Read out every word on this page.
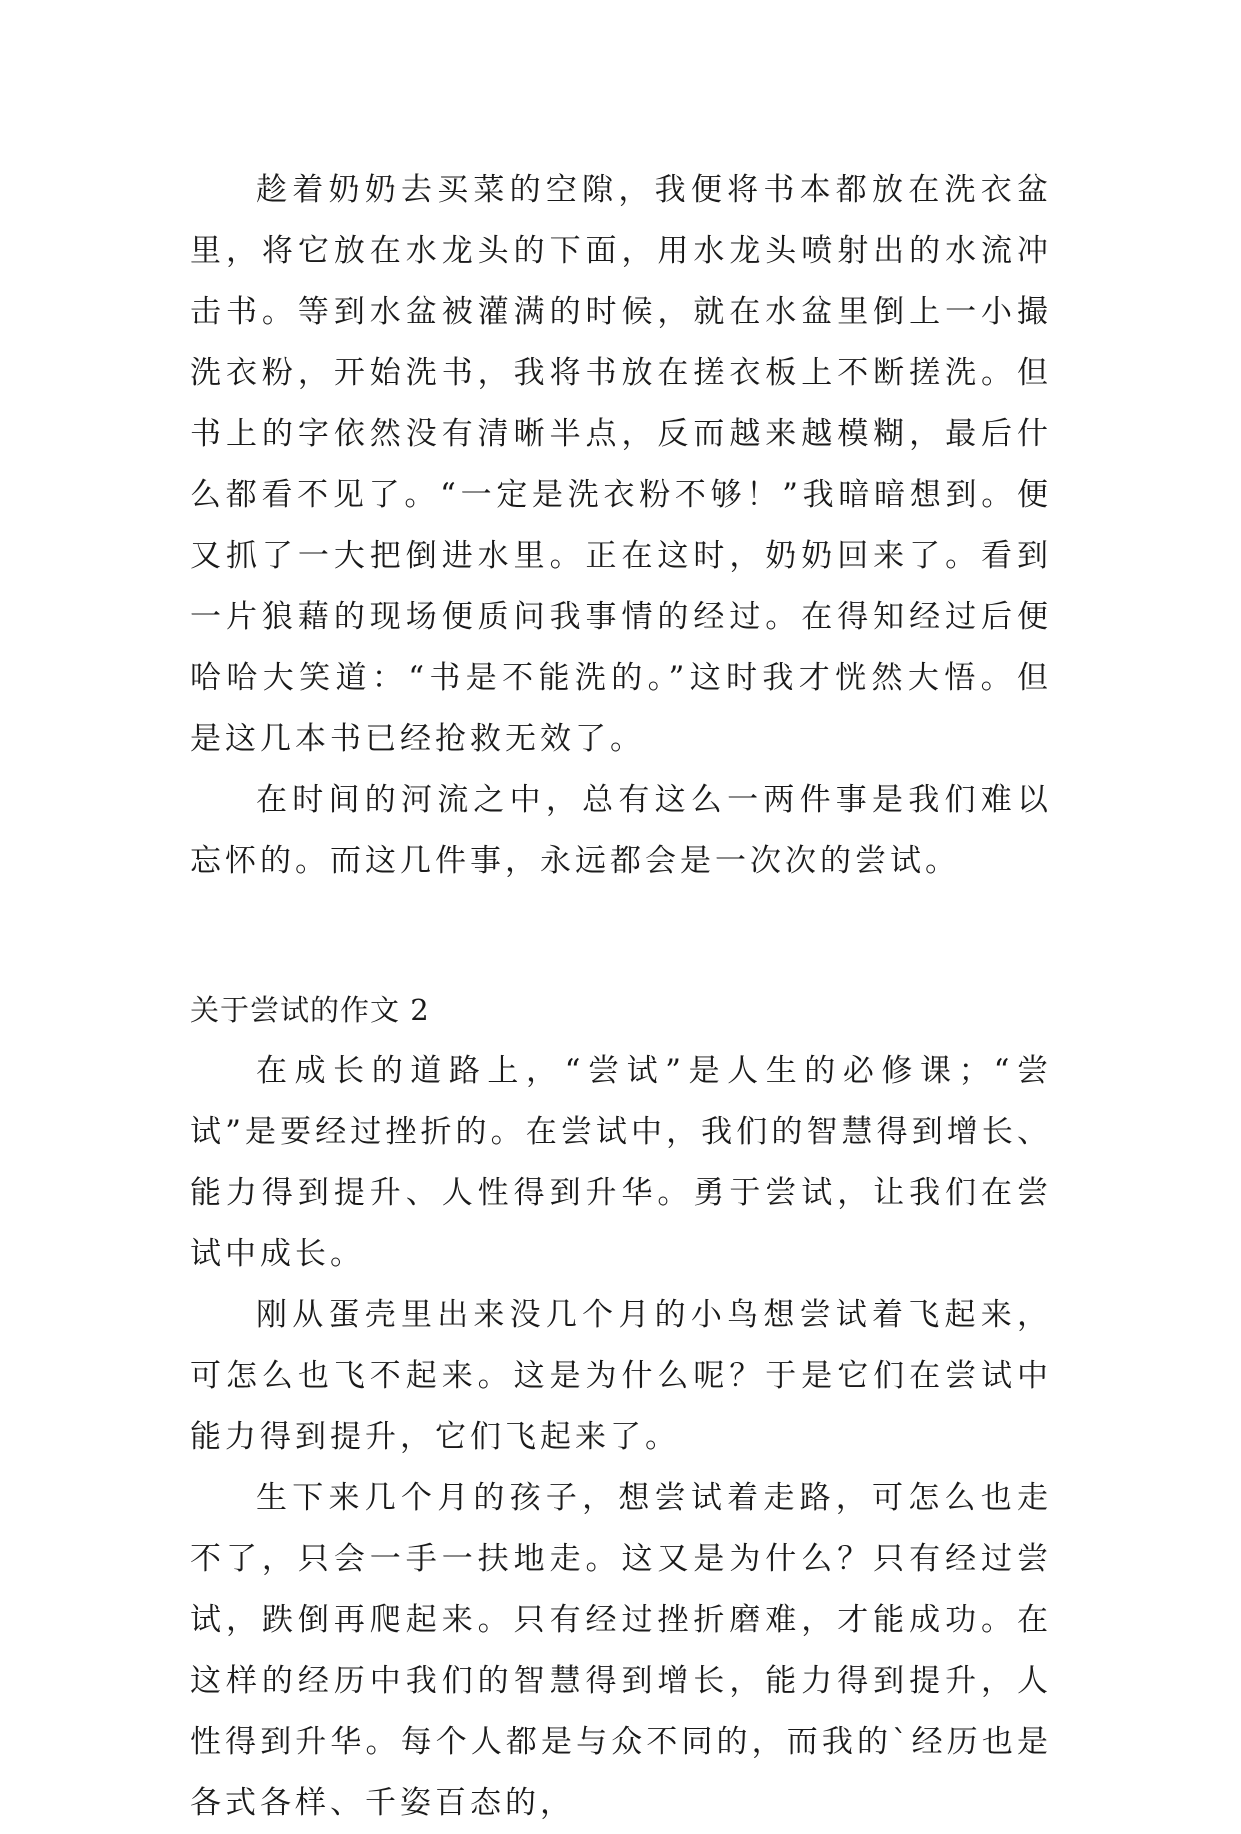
趁着奶奶去买菜的空隙，我便将书本都放在洗衣盆里，将它放在水龙头的下面，用水龙头喷射出的水流冲击书。等到水盆被灌满的时候，就在水盆里倒上一小撮洗衣粉，开始洗书，我将书放在搓衣板上不断搓洗。但书上的字依然没有清晰半点，反而越来越模糊，最后什么都看不见了。“一定是洗衣粉不够！”我暗暗想到。便又抓了一大把倒进水里。正在这时，奶奶回来了。看到一片狼藉的现场便质问我事情的经过。在得知经过后便哈哈大笑道：“书是不能洗的。”这时我才恍然大悟。但是这几本书已经抢救无效了。

在时间的河流之中，总有这么一两件事是我们难以忘怀的。而这几件事，永远都会是一次次的尝试。

关于尝试的作文 2

在成长的道路上，“尝试”是人生的必修课；“尝试”是要经过挫折的。在尝试中，我们的智慧得到增长、能力得到提升、人性得到升华。勇于尝试，让我们在尝试中成长。

刚从蛋壳里出来没几个月的小鸟想尝试着飞起来，可怎么也飞不起来。这是为什么呢？于是它们在尝试中能力得到提升，它们飞起来了。

生下来几个月的孩子，想尝试着走路，可怎么也走不了，只会一手一扶地走。这又是为什么？只有经过尝试，跌倒再爬起来。只有经过挫折磨难，才能成功。在这样的经历中我们的智慧得到增长，能力得到提升，人性得到升华。每个人都是与众不同的，而我的`经历也是各式各样、千姿百态的，
